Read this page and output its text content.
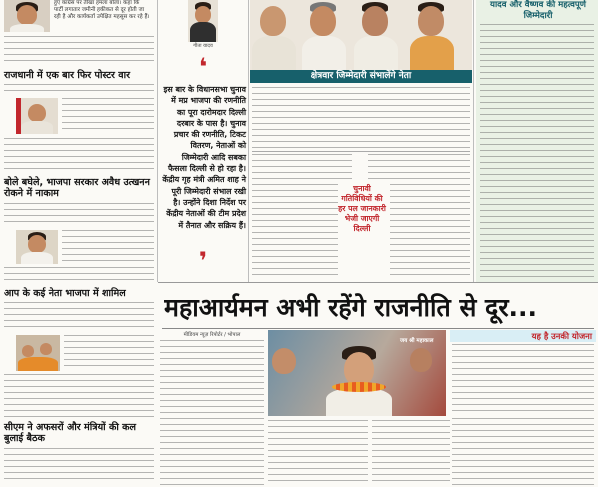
हुए कांग्रेस पर तीखा हमला बोला। कहा कि
पार्टी लगातार जमीनी हकीकत से दूर होती जा
रही है और कार्यकर्ता उपेक्षित महसूस कर रहे हैं।
राजधानी में एक बार फिर पोस्टर वार
बोले बघेले, भाजपा सरकार अवैध उत्खनन रोकने में नाकाम
आप के कई नेता भाजपा में शामिल
सीएम ने अफसरों और मंत्रियों की कल बुलाई बैठक
गीता यादव
❛
इस बार के विधानसभा चुनाव में मप्र भाजपा की रणनीति का पूरा दारोमदार दिल्ली दरबार के पास है। चुनाव प्रचार की रणनीति, टिकट वितरण, नेताओं को जिम्मेदारी आदि सबका फैसला दिल्ली से हो रहा है। केंद्रीय गृह मंत्री अमित शाह ने पूरी जिम्मेदारी संभाल रखी है। उन्होंने दिशा निर्देश पर केंद्रीय नेताओं की टीम प्रदेश में तैनात और सक्रिय हैं।
❜
क्षेत्रवार जिम्मेदारी संभालेंगे नेता
चुनावी गतिविधियों की हर पल जानकारी भेजी जाएगी दिल्ली
यादव और वैष्णव की महत्वपूर्ण जिम्मेदारी
महाआर्यमन अभी रहेंगे राजनीति से दूर...
मीडियम न्यूज़ रिपोर्टर / भोपाल
जय श्री महाकाल	यह है उनकी योजना
